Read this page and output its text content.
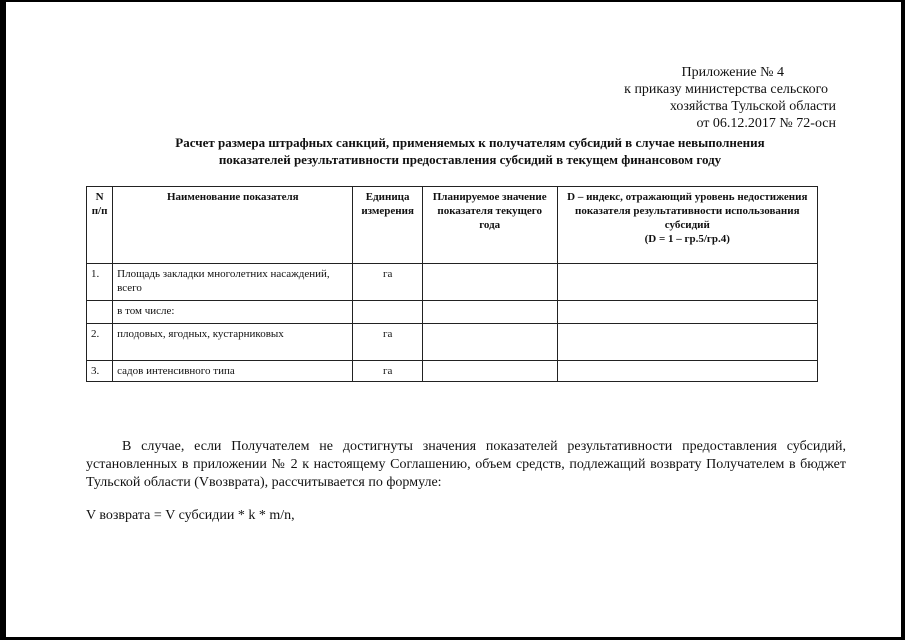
Приложение № 4
к приказу министерства сельского
хозяйства Тульской области
от 06.12.2017 № 72-осн
Расчет размера штрафных санкций, применяемых к получателям субсидий в случае невыполнения
показателей результативности предоставления субсидий в текущем финансовом году
N п/п	Наименование показателя	Единица измерения	Планируемое значение показателя текущего года	D – индекс, отражающий уровень недостижения показателя результативности использования субсидий
(D = 1 – гр.5/гр.4)

1.	Площадь закладки многолетних насаждений, всего	га		
	в том числе:			
2.	плодовых, ягодных, кустарниковых	га		
3.	садов интенсивного типа	га		
В случае, если Получателем не достигнуты значения показателей результативности предоставления субсидий, установленных в приложении № 2 к настоящему Соглашению, объем средств, подлежащий возврату Получателем в бюджет Тульской области (Vвозврата), рассчитывается по формуле:
V возврата = V субсидии * k * m/n,
